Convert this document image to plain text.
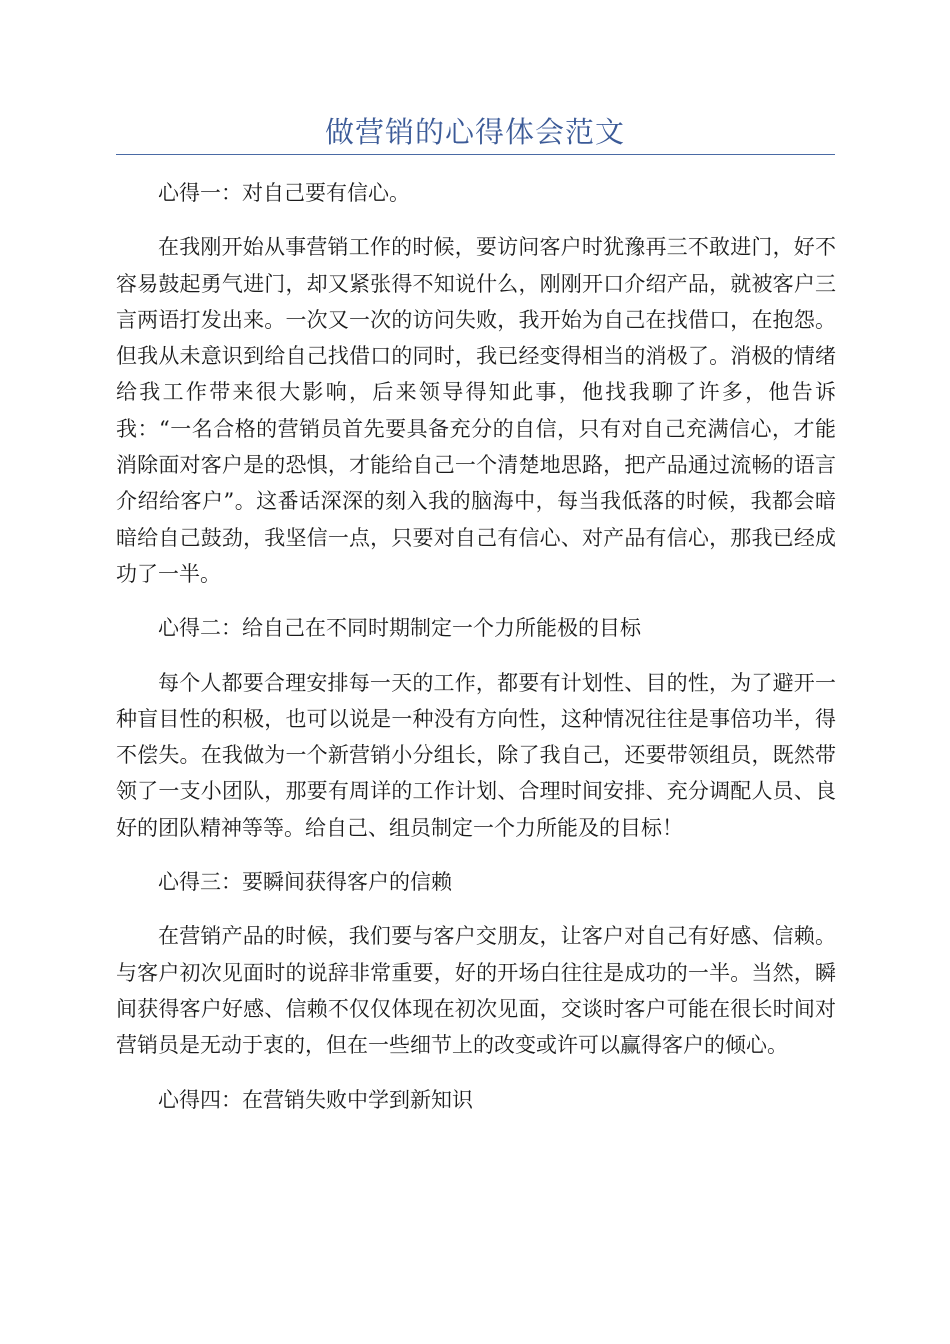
做营销的心得体会范文

心得一：对自己要有信心。

在我刚开始从事营销工作的时候，要访问客户时犹豫再三不敢进门，好不容易鼓起勇气进门，却又紧张得不知说什么，刚刚开口介绍产品，就被客户三言两语打发出来。一次又一次的访问失败，我开始为自己在找借口，在抱怨。但我从未意识到给自己找借口的同时，我已经变得相当的消极了。消极的情绪给我工作带来很大影响，后来领导得知此事，他找我聊了许多，他告诉我：“一名合格的营销员首先要具备充分的自信，只有对自己充满信心，才能消除面对客户是的恐惧，才能给自己一个清楚地思路，把产品通过流畅的语言介绍给客户”。这番话深深的刻入我的脑海中，每当我低落的时候，我都会暗暗给自己鼓劲，我坚信一点，只要对自己有信心、对产品有信心，那我已经成功了一半。

心得二：给自己在不同时期制定一个力所能极的目标

每个人都要合理安排每一天的工作，都要有计划性、目的性，为了避开一种盲目性的积极，也可以说是一种没有方向性，这种情况往往是事倍功半，得不偿失。在我做为一个新营销小分组长，除了我自己，还要带领组员，既然带领了一支小团队，那要有周详的工作计划、合理时间安排、充分调配人员、良好的团队精神等等。给自己、组员制定一个力所能及的目标！

心得三：要瞬间获得客户的信赖

在营销产品的时候，我们要与客户交朋友，让客户对自己有好感、信赖。与客户初次见面时的说辞非常重要，好的开场白往往是成功的一半。当然，瞬间获得客户好感、信赖不仅仅体现在初次见面，交谈时客户可能在很长时间对营销员是无动于衷的，但在一些细节上的改变或许可以赢得客户的倾心。

心得四：在营销失败中学到新知识
